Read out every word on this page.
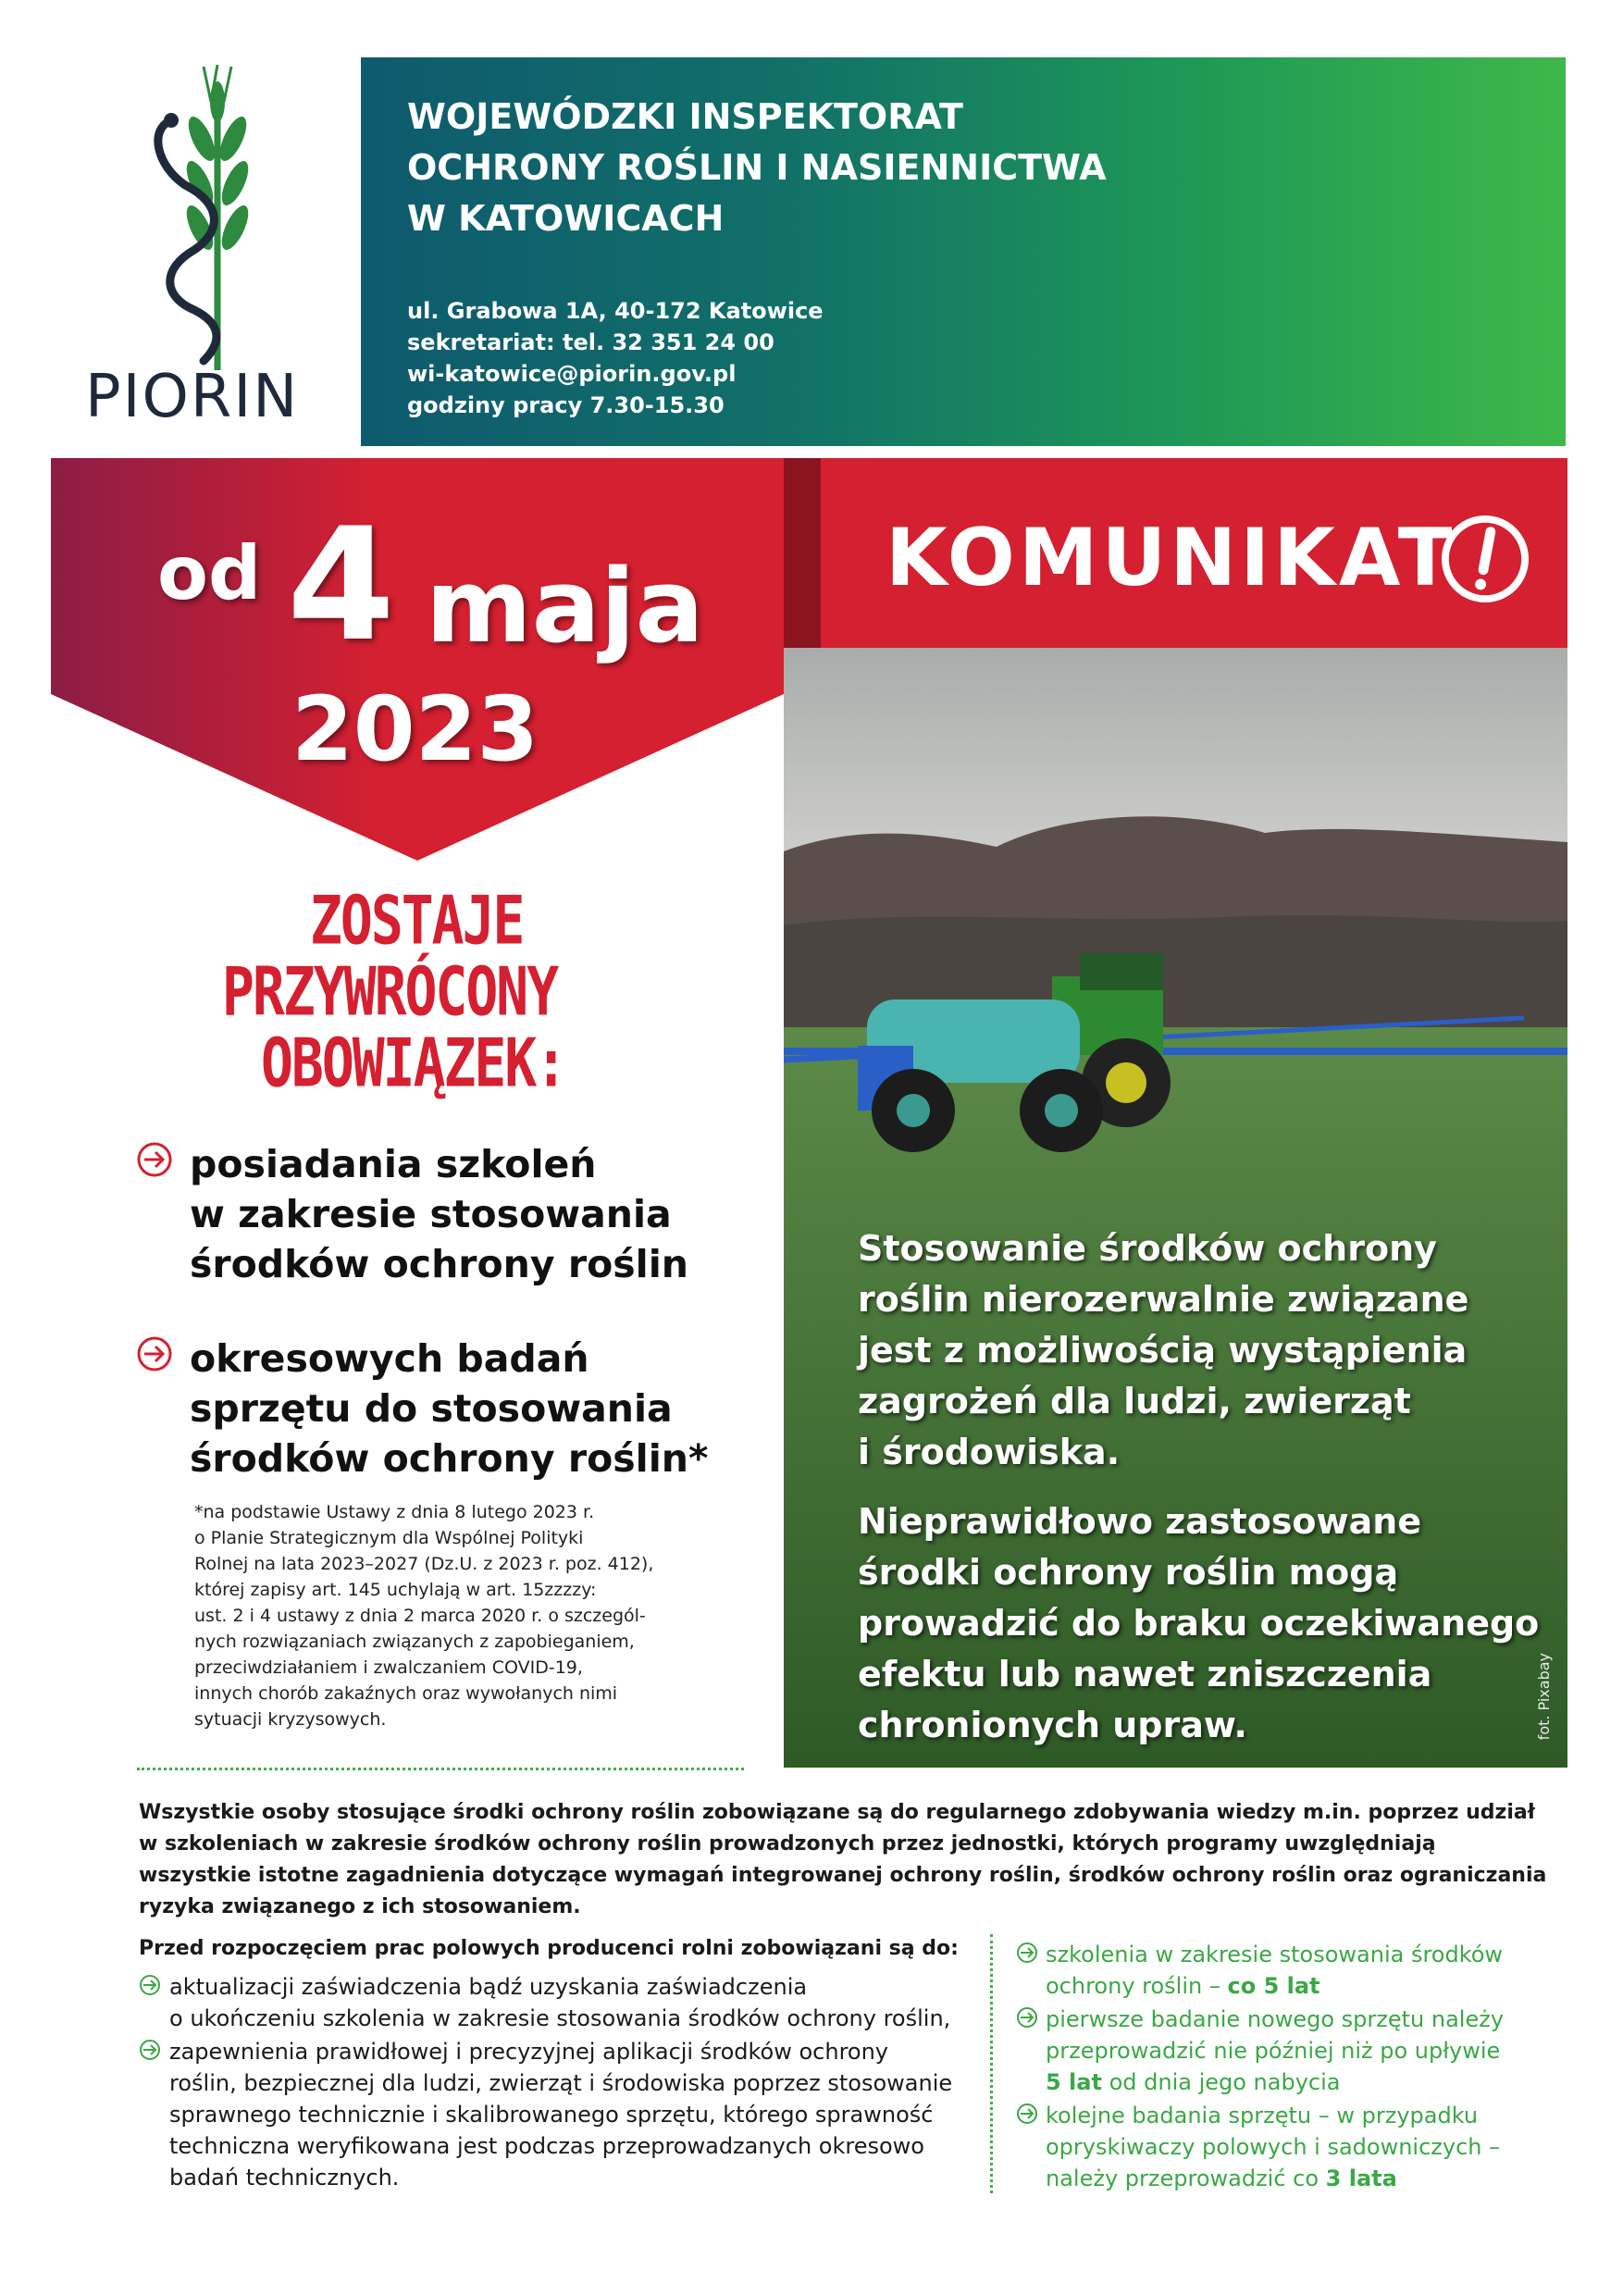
PIORIN
WOJEWÓDZKI INSPEKTORAT
OCHRONY ROŚLIN I NASIENNICTWA
W KATOWICACH
ul. Grabowa 1A, 40-172 Katowice
sekretariat: tel. 32 351 24 00
wi-katowice@piorin.gov.pl
godziny pracy 7.30-15.30
od 4 maja
2023
KOMUNIKAT
Stosowanie środków ochrony
roślin nierozerwalnie związane
jest z możliwością wystąpienia
zagrożeń dla ludzi, zwierząt
i środowiska.
Nieprawidłowo zastosowane
środki ochrony roślin mogą
prowadzić do braku oczekiwanego
efektu lub nawet zniszczenia
chronionych upraw.	fot. Pixabay
ZOSTAJE
PRZYWRÓCONY
OBOWIĄZEK:
posiadania szkoleń
w zakresie stosowania
środków ochrony roślin
okresowych badań
sprzętu do stosowania
środków ochrony roślin*
*na podstawie Ustawy z dnia 8 lutego 2023 r.
o Planie Strategicznym dla Wspólnej Polityki
Rolnej na lata 2023–2027 (Dz.U. z 2023 r. poz. 412),
której zapisy art. 145 uchylają w art. 15zzzzy:
ust. 2 i 4 ustawy z dnia 2 marca 2020 r. o szczegól-
nych rozwiązaniach związanych z zapobieganiem,
przeciwdziałaniem i zwalczaniem COVID-19,
innych chorób zakaźnych oraz wywołanych nimi
sytuacji kryzysowych.
Wszystkie osoby stosujące środki ochrony roślin zobowiązane są do regularnego zdobywania wiedzy m.in. poprzez udział
w szkoleniach w zakresie środków ochrony roślin prowadzonych przez jednostki, których programy uwzględniają
wszystkie istotne zagadnienia dotyczące wymagań integrowanej ochrony roślin, środków ochrony roślin oraz ograniczania
ryzyka związanego z ich stosowaniem.
Przed rozpoczęciem prac polowych producenci rolni zobowiązani są do:
aktualizacji zaświadczenia bądź uzyskania zaświadczenia
o ukończeniu szkolenia w zakresie stosowania środków ochrony roślin,
zapewnienia prawidłowej i precyzyjnej aplikacji środków ochrony
roślin, bezpiecznej dla ludzi, zwierząt i środowiska poprzez stosowanie
sprawnego technicznie i skalibrowanego sprzętu, którego sprawność
techniczna weryfikowana jest podczas przeprowadzanych okresowo
badań technicznych.
szkolenia w zakresie stosowania środków
ochrony roślin – co 5 lat
pierwsze badanie nowego sprzętu należy
przeprowadzić nie później niż po upływie
5 lat od dnia jego nabycia
kolejne badania sprzętu – w przypadku
opryskiwaczy polowych i sadowniczych –
należy przeprowadzić co 3 lata
